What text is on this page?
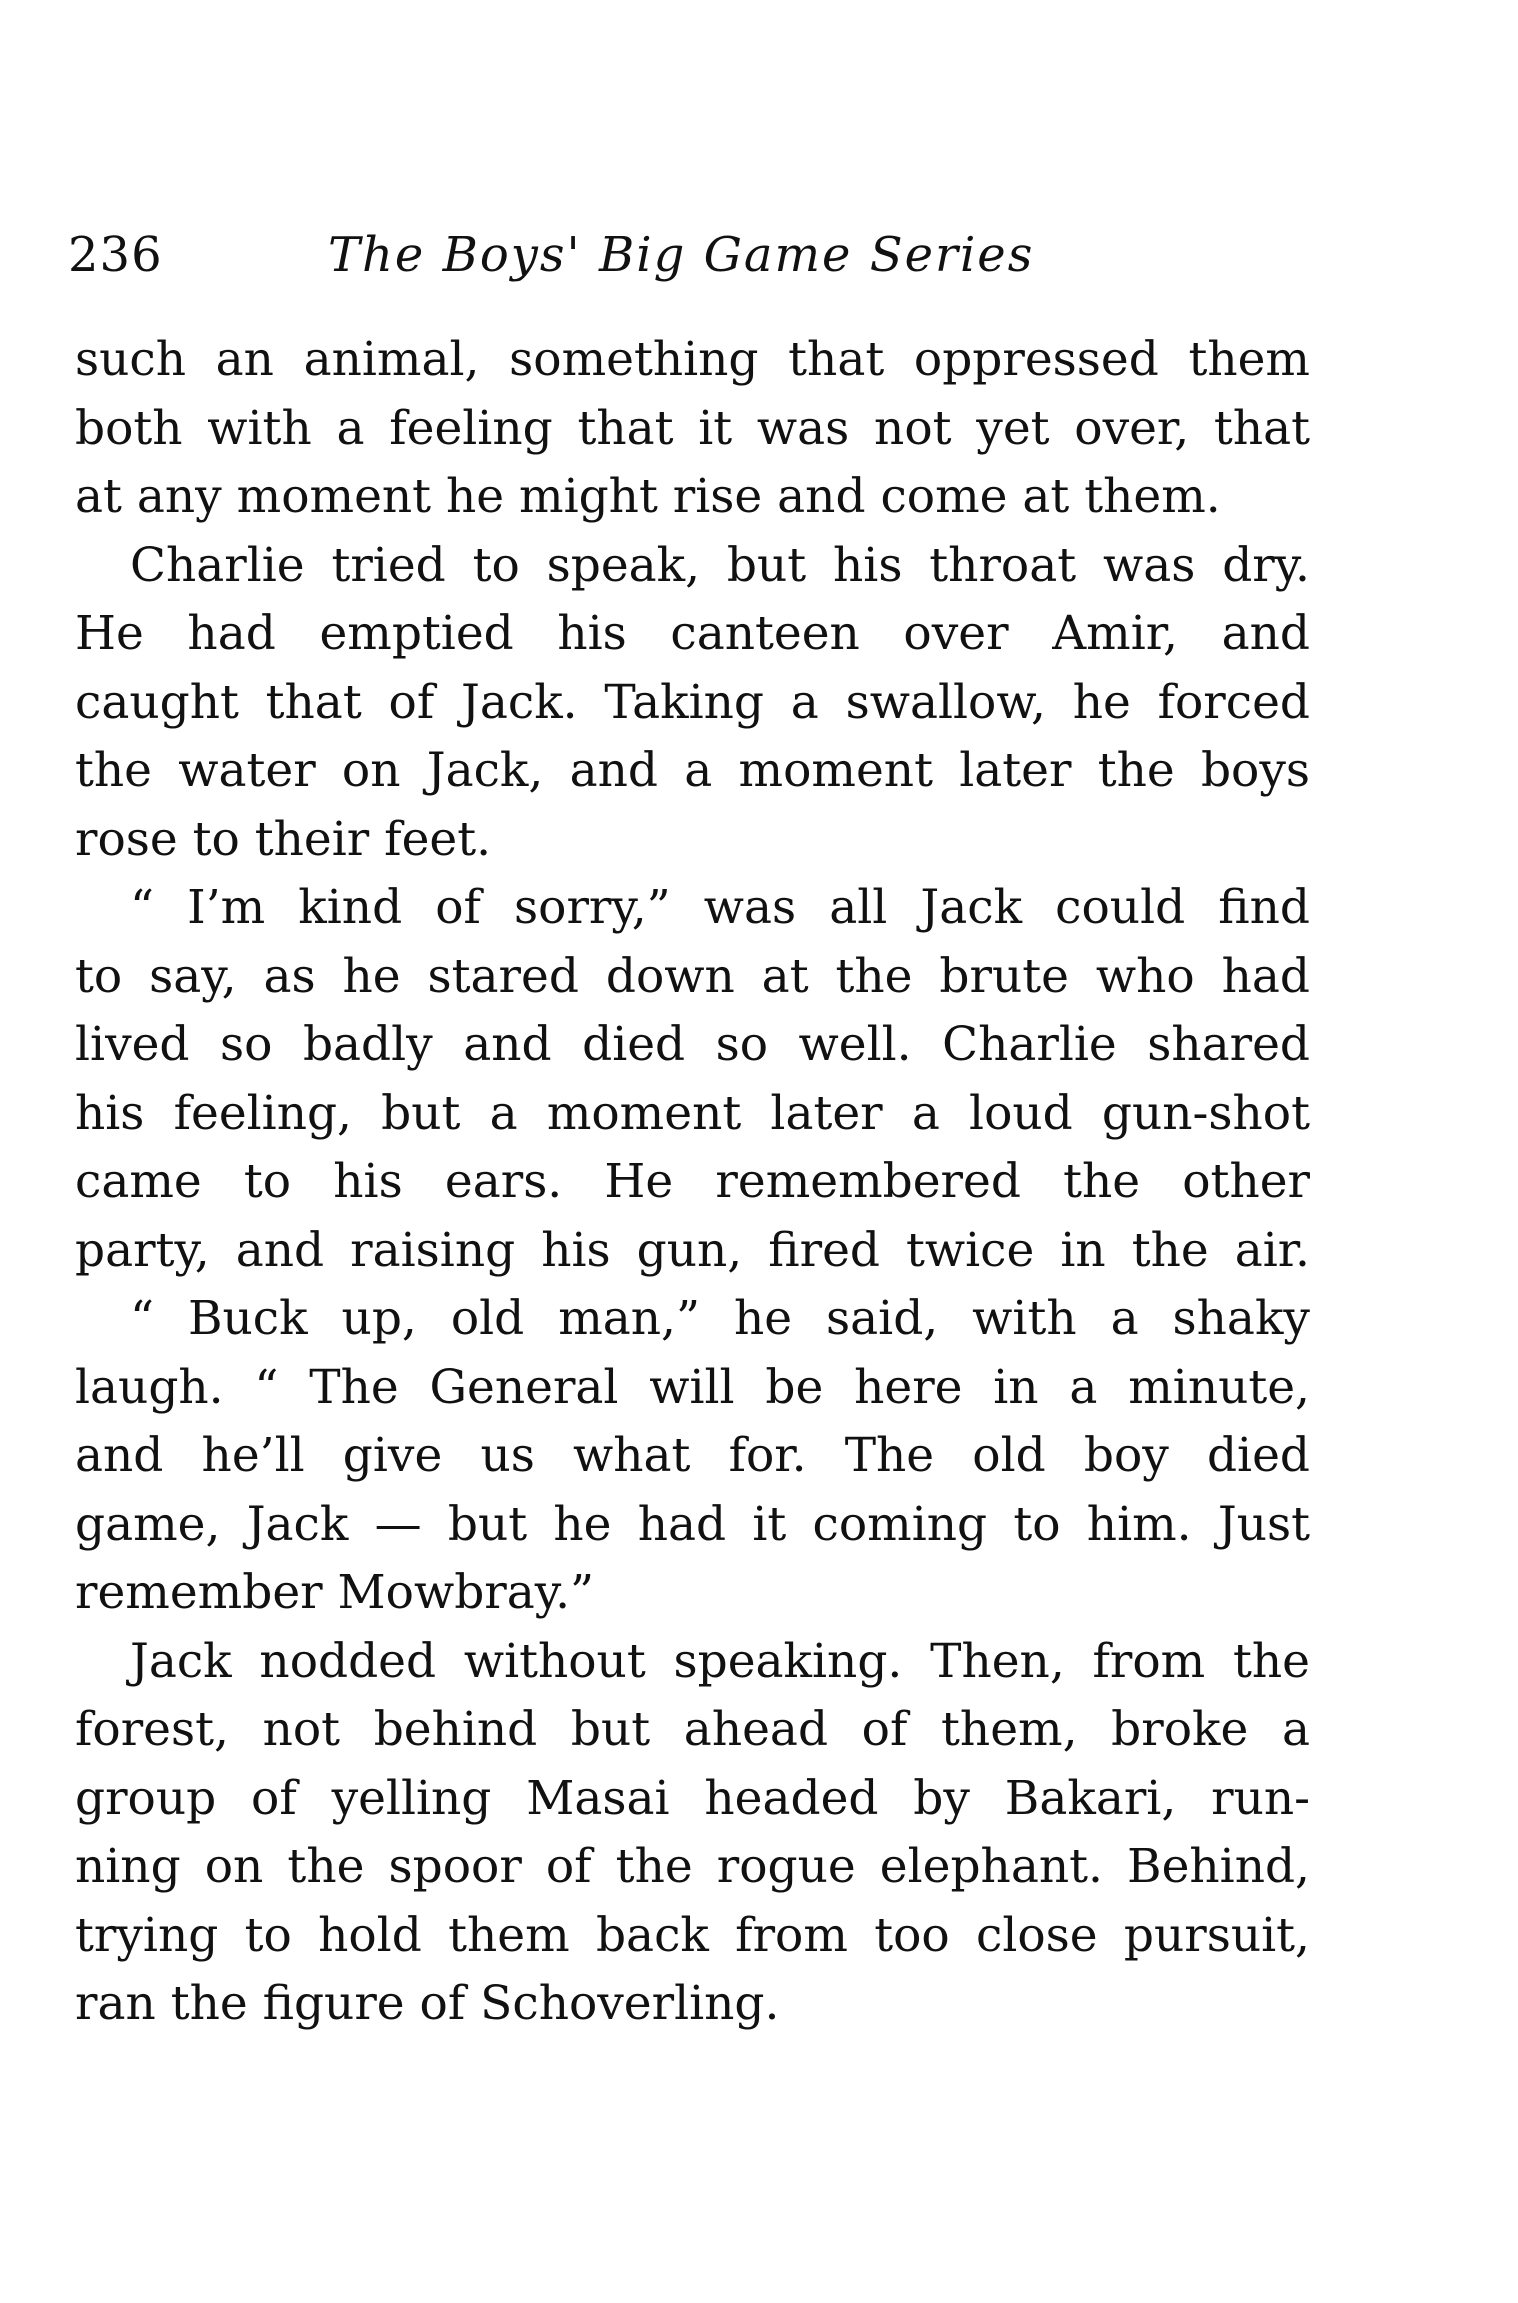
236	The Boys' Big Game Series
such an animal, something that oppressed them
both with a feeling that it was not yet over, that
at any moment he might rise and come at them.
Charlie tried to speak, but his throat was dry.
He had emptied his canteen over Amir, and
caught that of Jack. Taking a swallow, he forced
the water on Jack, and a moment later the boys
rose to their feet.
“ I’m kind of sorry,” was all Jack could find
to say, as he stared down at the brute who had
lived so badly and died so well. Charlie shared
his feeling, but a moment later a loud gun-shot
came to his ears. He remembered the other
party, and raising his gun, fired twice in the air.
“ Buck up, old man,” he said, with a shaky
laugh. “ The General will be here in a minute,
and he’ll give us what for. The old boy died
game, Jack — but he had it coming to him. Just
remember Mowbray.”
Jack nodded without speaking. Then, from the
forest, not behind but ahead of them, broke a
group of yelling Masai headed by Bakari, run-
ning on the spoor of the rogue elephant. Behind,
trying to hold them back from too close pursuit,
ran the figure of Schoverling.
